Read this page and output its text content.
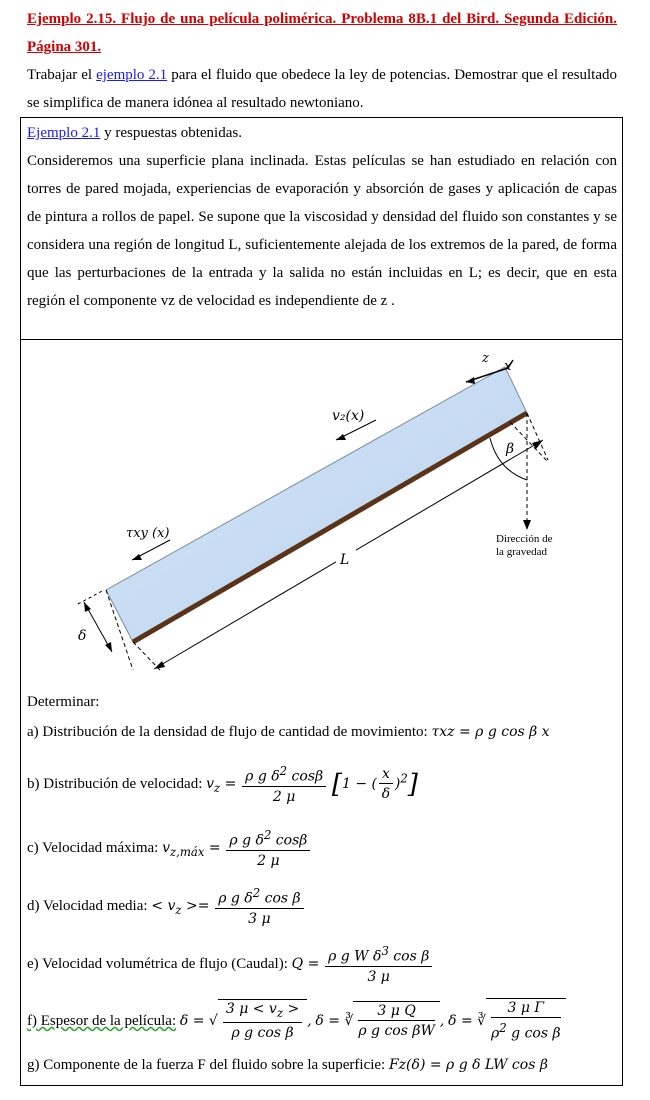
Ejemplo 2.15. Flujo de una película polimérica. Problema 8B.1 del Bird. Segunda Edición. Página 301.
Trabajar el ejemplo 2.1 para el fluido que obedece la ley de potencias. Demostrar que el resultado se simplifica de manera idónea al resultado newtoniano.
Ejemplo 2.1 y respuestas obtenidas.
Consideremos una superficie plana inclinada. Estas películas se han estudiado en relación con torres de pared mojada, experiencias de evaporación y absorción de gases y aplicación de capas de pintura a rollos de papel. Se supone que la viscosidad y densidad del fluido son constantes y se considera una región de longitud L, suficientemente alejada de los extremos de la pared, de forma que las perturbaciones de la entrada y la salida no están incluidas en L; es decir, que en esta región el componente vz de velocidad es independiente de z .
z
x
v₂(x)
β
Dirección de
la gravedad
τxy (x)
L
δ
Determinar:
a) Distribución de la densidad de flujo de cantidad de movimiento: τxz = ρ g cos β x
b) Distribución de velocidad: $v_z = \frac{\rho g \delta^2 \cos\beta}{2 \mu} [1$ − ( $\frac{x}{\delta} )^2$]
c) Velocidad máxima: $v_{z,máx} = \frac{\rho g \delta^2 \cos\beta}{2 \mu}$
d) Velocidad media: < $v_z >= \frac{\rho g \delta^2 \cos \beta}{3 \mu}$
e) Velocidad volumétrica de flujo (Caudal): $Q = \frac{\rho g W \delta^3 \cos \beta}{3 \mu}$
f) Espesor de la película: δ = √ $\frac{3 \mu < v_z >}{\text{ρ g cos β}}$ , δ = ∛ $\frac{\text{3 μ Q}}{\text{ρ g cos βW}}$ , δ = ∛ $\frac{\text{3 μ Γ}}{\rho^2 g \cos \beta}$
g) Componente de la fuerza F del fluido sobre la superficie: Fz(δ) = ρ g δ LW cos β
